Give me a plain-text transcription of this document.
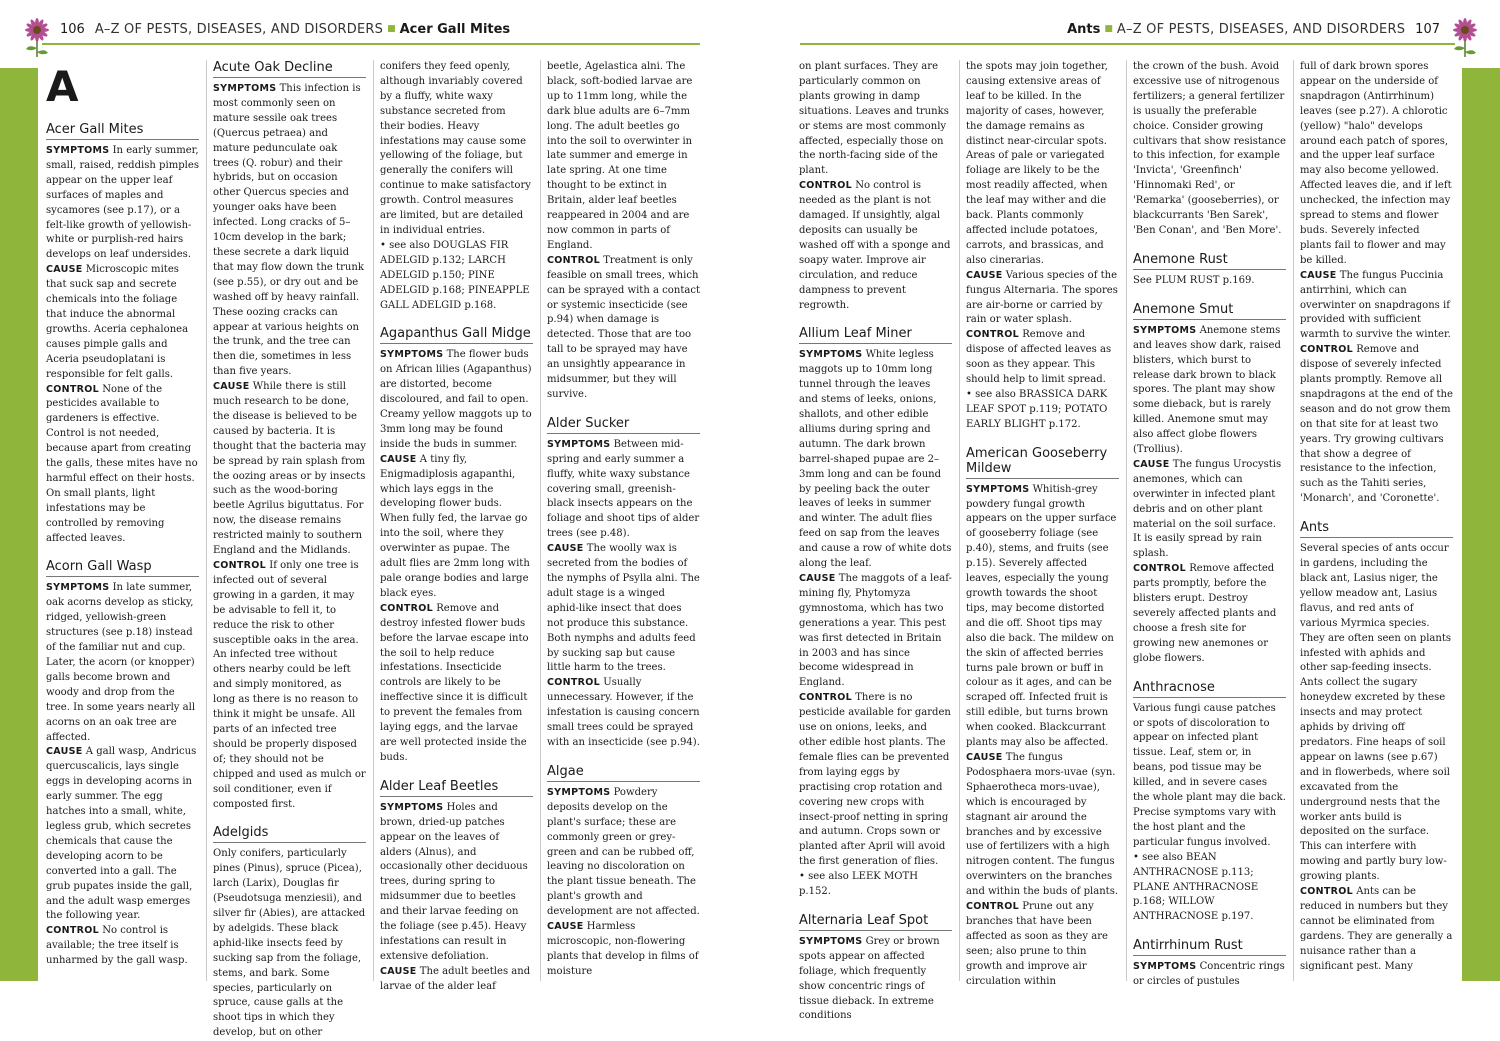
106 A–Z OF PESTS, DISEASES, AND DISORDERS ■ Acer Gall Mites	Ants ■ A–Z OF PESTS, DISEASES, AND DISORDERS 107
A
Acer Gall Mites

SYMPTOMS In early summer, small, raised, reddish pimples appear on the upper leaf surfaces of maples and sycamores (see p.17), or a felt-like growth of yellowish-white or purplish-red hairs develops on leaf undersides.

CAUSE Microscopic mites that suck sap and secrete chemicals into the foliage that induce the abnormal growths. Aceria cephalonea causes pimple galls and Aceria pseudoplatani is responsible for felt galls.

CONTROL None of the pesticides available to gardeners is effective. Control is not needed, because apart from creating the galls, these mites have no harmful effect on their hosts. On small plants, light infestations may be controlled by removing affected leaves.

Acorn Gall Wasp

SYMPTOMS In late summer, oak acorns develop as sticky, ridged, yellowish-green structures (see p.18) instead of the familiar nut and cup. Later, the acorn (or knopper) galls become brown and woody and drop from the tree. In some years nearly all acorns on an oak tree are affected.

CAUSE A gall wasp, Andricus quercuscalicis, lays single eggs in developing acorns in early summer. The egg hatches into a small, white, legless grub, which secretes chemicals that cause the developing acorn to be converted into a gall. The grub pupates inside the gall, and the adult wasp emerges the following year.

CONTROL No control is available; the tree itself is unharmed by the gall wasp.

Acute Oak Decline

SYMPTOMS This infection is most commonly seen on mature sessile oak trees (Quercus petraea) and mature pedunculate oak trees (Q. robur) and their hybrids, but on occasion other Quercus species and younger oaks have been infected. Long cracks of 5–10cm develop in the bark; these secrete a dark liquid that may flow down the trunk (see p.55), or dry out and be washed off by heavy rainfall. These oozing cracks can appear at various heights on the trunk, and the tree can then die, sometimes in less than five years.

CAUSE While there is still much research to be done, the disease is believed to be caused by bacteria. It is thought that the bacteria may be spread by rain splash from the oozing areas or by insects such as the wood-boring beetle Agrilus biguttatus. For now, the disease remains restricted mainly to southern England and the Midlands.

CONTROL If only one tree is infected out of several growing in a garden, it may be advisable to fell it, to reduce the risk to other susceptible oaks in the area. An infected tree without others nearby could be left and simply monitored, as long as there is no reason to think it might be unsafe. All parts of an infected tree should be properly disposed of; they should not be chipped and used as mulch or soil conditioner, even if composted first.

Adelgids

Only conifers, particularly pines (Pinus), spruce (Picea), larch (Larix), Douglas fir (Pseudotsuga menziesii), and silver fir (Abies), are attacked by adelgids. These black aphid-like insects feed by sucking sap from the foliage, stems, and bark. Some species, particularly on spruce, cause galls at the shoot tips in which they develop, but on other

conifers they feed openly, although invariably covered by a fluffy, white waxy substance secreted from their bodies. Heavy infestations may cause some yellowing of the foliage, but generally the conifers will continue to make satisfactory growth. Control measures are limited, but are detailed in individual entries.

• see also DOUGLAS FIR ADELGID p.132; LARCH ADELGID p.150; PINE ADELGID p.168; PINEAPPLE GALL ADELGID p.168.

Agapanthus Gall Midge

SYMPTOMS The flower buds on African lilies (Agapanthus) are distorted, become discoloured, and fail to open. Creamy yellow maggots up to 3mm long may be found inside the buds in summer.

CAUSE A tiny fly, Enigmadiplosis agapanthi, which lays eggs in the developing flower buds. When fully fed, the larvae go into the soil, where they overwinter as pupae. The adult flies are 2mm long with pale orange bodies and large black eyes.

CONTROL Remove and destroy infested flower buds before the larvae escape into the soil to help reduce infestations. Insecticide controls are likely to be ineffective since it is difficult to prevent the females from laying eggs, and the larvae are well protected inside the buds.

Alder Leaf Beetles

SYMPTOMS Holes and brown, dried-up patches appear on the leaves of alders (Alnus), and occasionally other deciduous trees, during spring to midsummer due to beetles and their larvae feeding on the foliage (see p.45). Heavy infestations can result in extensive defoliation.

CAUSE The adult beetles and larvae of the alder leaf

beetle, Agelastica alni. The black, soft-bodied larvae are up to 11mm long, while the dark blue adults are 6–7mm long. The adult beetles go into the soil to overwinter in late summer and emerge in late spring. At one time thought to be extinct in Britain, alder leaf beetles reappeared in 2004 and are now common in parts of England.

CONTROL Treatment is only feasible on small trees, which can be sprayed with a contact or systemic insecticide (see p.94) when damage is detected. Those that are too tall to be sprayed may have an unsightly appearance in midsummer, but they will survive.

Alder Sucker

SYMPTOMS Between mid-spring and early summer a fluffy, white waxy substance covering small, greenish-black insects appears on the foliage and shoot tips of alder trees (see p.48).

CAUSE The woolly wax is secreted from the bodies of the nymphs of Psylla alni. The adult stage is a winged aphid-like insect that does not produce this substance. Both nymphs and adults feed by sucking sap but cause little harm to the trees.

CONTROL Usually unnecessary. However, if the infestation is causing concern small trees could be sprayed with an insecticide (see p.94).

Algae

SYMPTOMS Powdery deposits develop on the plant's surface; these are commonly green or grey-green and can be rubbed off, leaving no discoloration on the plant tissue beneath. The plant's growth and development are not affected.

CAUSE Harmless microscopic, non-flowering plants that develop in films of moisture

on plant surfaces. They are particularly common on plants growing in damp situations. Leaves and trunks or stems are most commonly affected, especially those on the north-facing side of the plant.

CONTROL No control is needed as the plant is not damaged. If unsightly, algal deposits can usually be washed off with a sponge and soapy water. Improve air circulation, and reduce dampness to prevent regrowth.

Allium Leaf Miner

SYMPTOMS White legless maggots up to 10mm long tunnel through the leaves and stems of leeks, onions, shallots, and other edible alliums during spring and autumn. The dark brown barrel-shaped pupae are 2–3mm long and can be found by peeling back the outer leaves of leeks in summer and winter. The adult flies feed on sap from the leaves and cause a row of white dots along the leaf.

CAUSE The maggots of a leaf-mining fly, Phytomyza gymnostoma, which has two generations a year. This pest was first detected in Britain in 2003 and has since become widespread in England.

CONTROL There is no pesticide available for garden use on onions, leeks, and other edible host plants. The female flies can be prevented from laying eggs by practising crop rotation and covering new crops with insect-proof netting in spring and autumn. Crops sown or planted after April will avoid the first generation of flies.

• see also LEEK MOTH p.152.

Alternaria Leaf Spot

SYMPTOMS Grey or brown spots appear on affected foliage, which frequently show concentric rings of tissue dieback. In extreme conditions

the spots may join together, causing extensive areas of leaf to be killed. In the majority of cases, however, the damage remains as distinct near-circular spots. Areas of pale or variegated foliage are likely to be the most readily affected, when the leaf may wither and die back. Plants commonly affected include potatoes, carrots, and brassicas, and also cinerarias.

CAUSE Various species of the fungus Alternaria. The spores are air-borne or carried by rain or water splash.

CONTROL Remove and dispose of affected leaves as soon as they appear. This should help to limit spread.

• see also BRASSICA DARK LEAF SPOT p.119; POTATO EARLY BLIGHT p.172.

American Gooseberry Mildew

SYMPTOMS Whitish-grey powdery fungal growth appears on the upper surface of gooseberry foliage (see p.40), stems, and fruits (see p.15). Severely affected leaves, especially the young growth towards the shoot tips, may become distorted and die off. Shoot tips may also die back. The mildew on the skin of affected berries turns pale brown or buff in colour as it ages, and can be scraped off. Infected fruit is still edible, but turns brown when cooked. Blackcurrant plants may also be affected.

CAUSE The fungus Podosphaera mors-uvae (syn. Sphaerotheca mors-uvae), which is encouraged by stagnant air around the branches and by excessive use of fertilizers with a high nitrogen content. The fungus overwinters on the branches and within the buds of plants.

CONTROL Prune out any branches that have been affected as soon as they are seen; also prune to thin growth and improve air circulation within

the crown of the bush. Avoid excessive use of nitrogenous fertilizers; a general fertilizer is usually the preferable choice. Consider growing cultivars that show resistance to this infection, for example 'Invicta', 'Greenfinch' 'Hinnomaki Red', or 'Remarka' (gooseberries), or blackcurrants 'Ben Sarek', 'Ben Conan', and 'Ben More'.

Anemone Rust

See PLUM RUST p.169.

Anemone Smut

SYMPTOMS Anemone stems and leaves show dark, raised blisters, which burst to release dark brown to black spores. The plant may show some dieback, but is rarely killed. Anemone smut may also affect globe flowers (Trollius).

CAUSE The fungus Urocystis anemones, which can overwinter in infected plant debris and on other plant material on the soil surface. It is easily spread by rain splash.

CONTROL Remove affected parts promptly, before the blisters erupt. Destroy severely affected plants and choose a fresh site for growing new anemones or globe flowers.

Anthracnose

Various fungi cause patches or spots of discoloration to appear on infected plant tissue. Leaf, stem or, in beans, pod tissue may be killed, and in severe cases the whole plant may die back. Precise symptoms vary with the host plant and the particular fungus involved.

• see also BEAN ANTHRACNOSE p.113; PLANE ANTHRACNOSE p.168; WILLOW ANTHRACNOSE p.197.

Antirrhinum Rust

SYMPTOMS Concentric rings or circles of pustules

full of dark brown spores appear on the underside of snapdragon (Antirrhinum) leaves (see p.27). A chlorotic (yellow) "halo" develops around each patch of spores, and the upper leaf surface may also become yellowed. Affected leaves die, and if left unchecked, the infection may spread to stems and flower buds. Severely infected plants fail to flower and may be killed.

CAUSE The fungus Puccinia antirrhini, which can overwinter on snapdragons if provided with sufficient warmth to survive the winter.

CONTROL Remove and dispose of severely infected plants promptly. Remove all snapdragons at the end of the season and do not grow them on that site for at least two years. Try growing cultivars that show a degree of resistance to the infection, such as the Tahiti series, 'Monarch', and 'Coronette'.

Ants

Several species of ants occur in gardens, including the black ant, Lasius niger, the yellow meadow ant, Lasius flavus, and red ants of various Myrmica species. They are often seen on plants infested with aphids and other sap-feeding insects. Ants collect the sugary honeydew excreted by these insects and may protect aphids by driving off predators. Fine heaps of soil appear on lawns (see p.67) and in flowerbeds, where soil excavated from the underground nests that the worker ants build is deposited on the surface. This can interfere with mowing and partly bury low-growing plants.

CONTROL Ants can be reduced in numbers but they cannot be eliminated from gardens. They are generally a nuisance rather than a significant pest. Many
